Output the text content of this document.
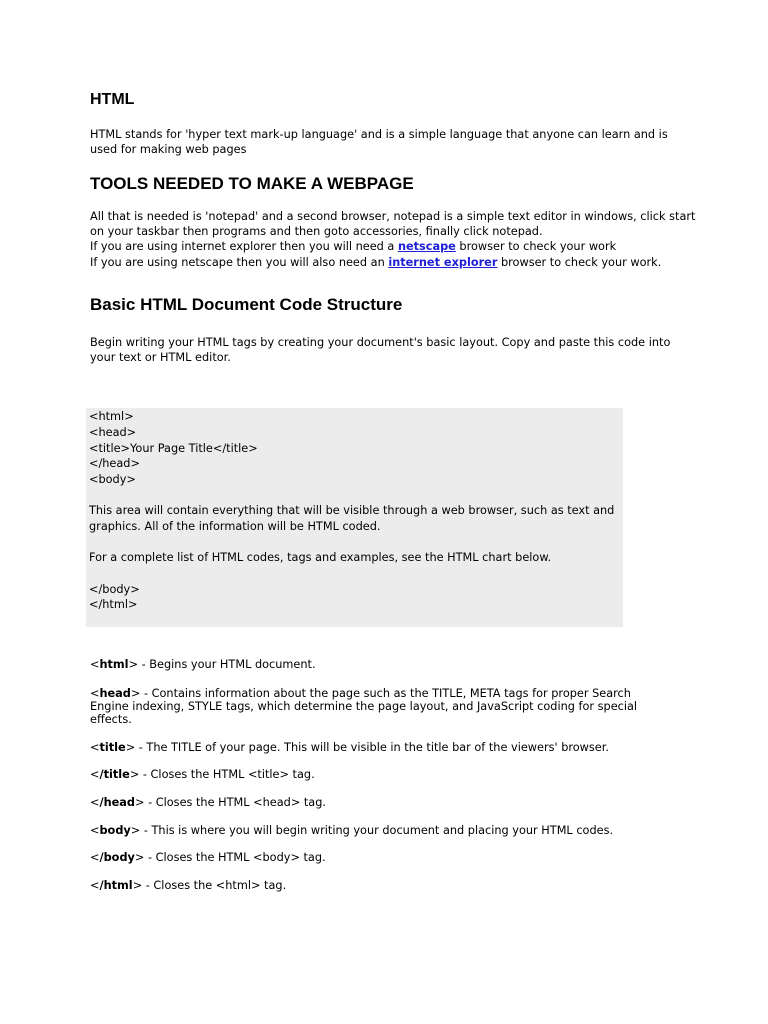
HTML
HTML stands for 'hyper text mark-up language' and is a simple language that anyone can learn and is
used for making web pages
TOOLS NEEDED TO MAKE A WEBPAGE
All that is needed is 'notepad' and a second browser, notepad is a simple text editor in windows, click start
on your taskbar then programs and then goto accessories, finally click notepad.
If you are using internet explorer then you will need a netscape browser to check your work
If you are using netscape then you will also need an internet explorer browser to check your work.
Basic HTML Document Code Structure
Begin writing your HTML tags by creating your document's basic layout. Copy and paste this code into
your text or HTML editor.
<html>
<head>
<title>Your Page Title</title>
</head>
<body>
This area will contain everything that will be visible through a web browser, such as text and
graphics. All of the information will be HTML coded.
For a complete list of HTML codes, tags and examples, see the HTML chart below.
</body>
</html>
<html> - Begins your HTML document.
<head> - Contains information about the page such as the TITLE, META tags for proper Search
Engine indexing, STYLE tags, which determine the page layout, and JavaScript coding for special
effects.
<title> - The TITLE of your page. This will be visible in the title bar of the viewers' browser.
</title> - Closes the HTML <title> tag.
</head> - Closes the HTML <head> tag.
<body> - This is where you will begin writing your document and placing your HTML codes.
</body> - Closes the HTML <body> tag.
</html> - Closes the <html> tag.
